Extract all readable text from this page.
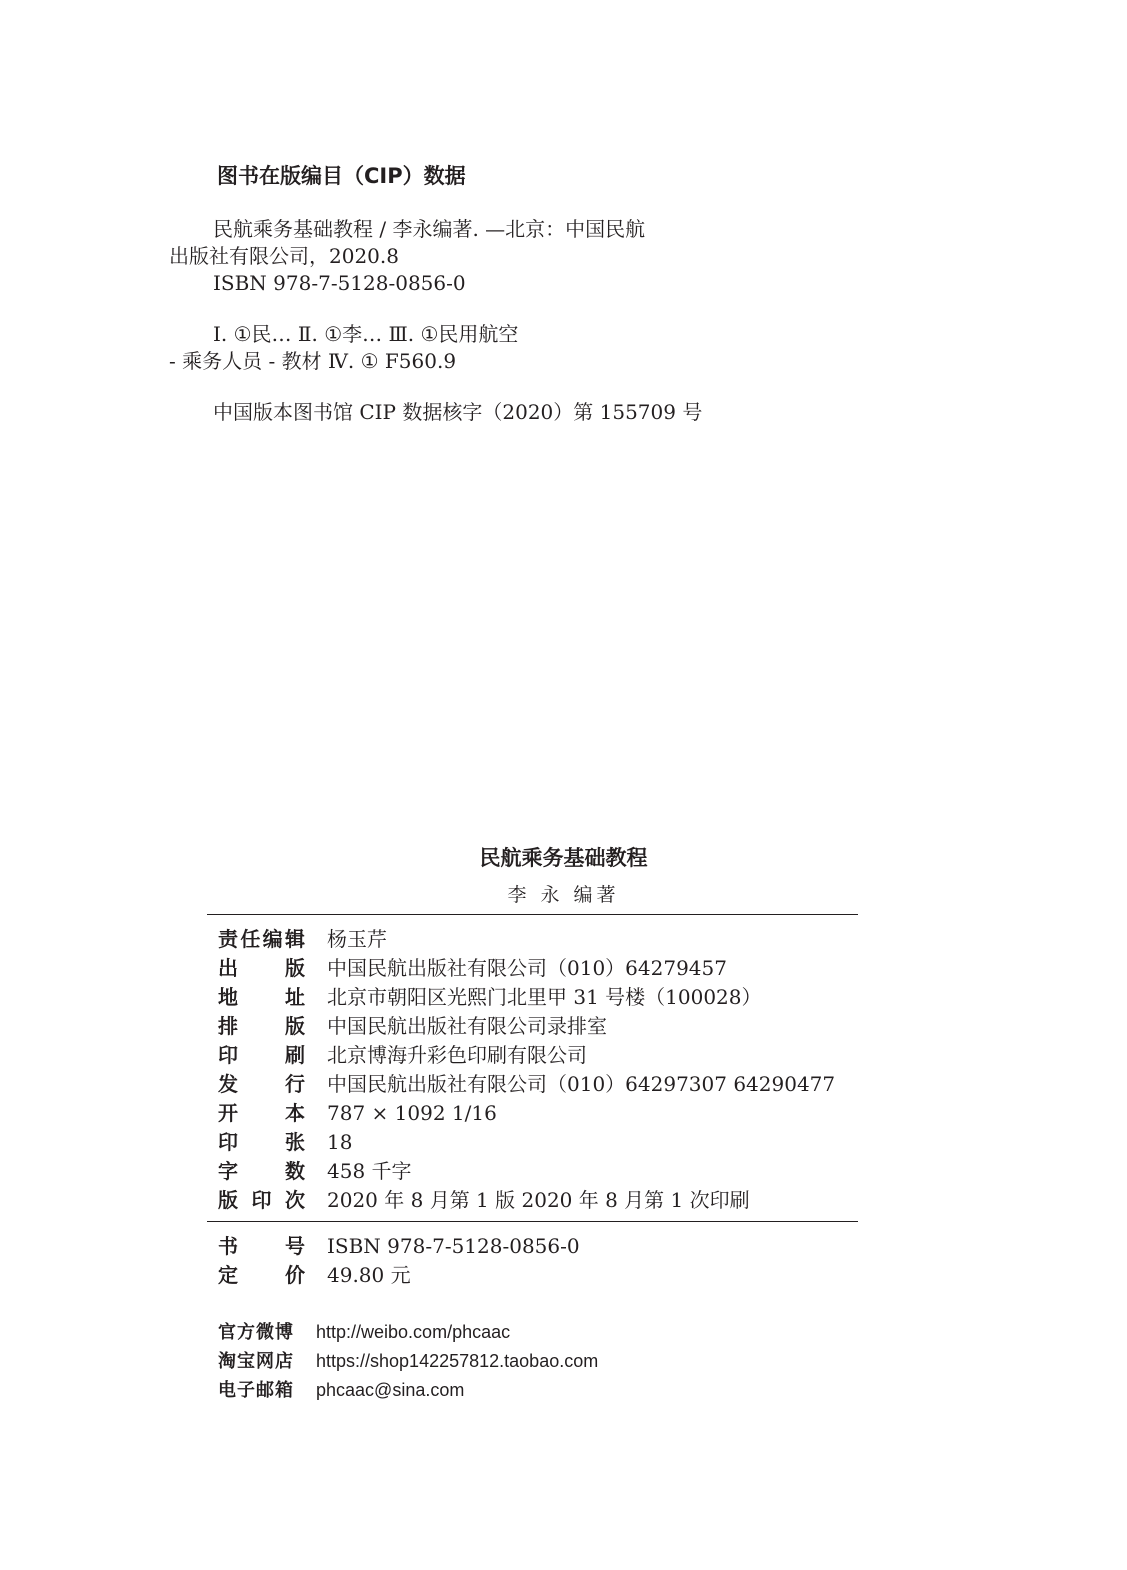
图书在版编目（CIP）数据
民航乘务基础教程 / 李永编著. —北京：中国民航
出版社有限公司，2020.8
ISBN 978-7-5128-0856-0
Ⅰ. ①民… Ⅱ. ①李… Ⅲ. ①民用航空
- 乘务人员 - 教材 Ⅳ. ① F560.9
中国版本图书馆 CIP 数据核字（2020）第 155709 号
民航乘务基础教程
李 永 编著
责 任 编 辑 杨玉芹
出 版 中国民航出版社有限公司（010）64279457
地 址 北京市朝阳区光熙门北里甲 31 号楼（100028）
排 版 中国民航出版社有限公司录排室
印 刷 北京博海升彩色印刷有限公司
发 行 中国民航出版社有限公司（010）64297307 64290477
开 本 787 × 1092 1/16
印 张 18
字 数 458 千字
版 印 次 2020 年 8 月第 1 版 2020 年 8 月第 1 次印刷
书 号 ISBN 978-7-5128-0856-0
定 价 49.80 元
官方微博 http://weibo.com/phcaac
淘宝网店 https://shop142257812.taobao.com
电子邮箱 phcaac@sina.com
